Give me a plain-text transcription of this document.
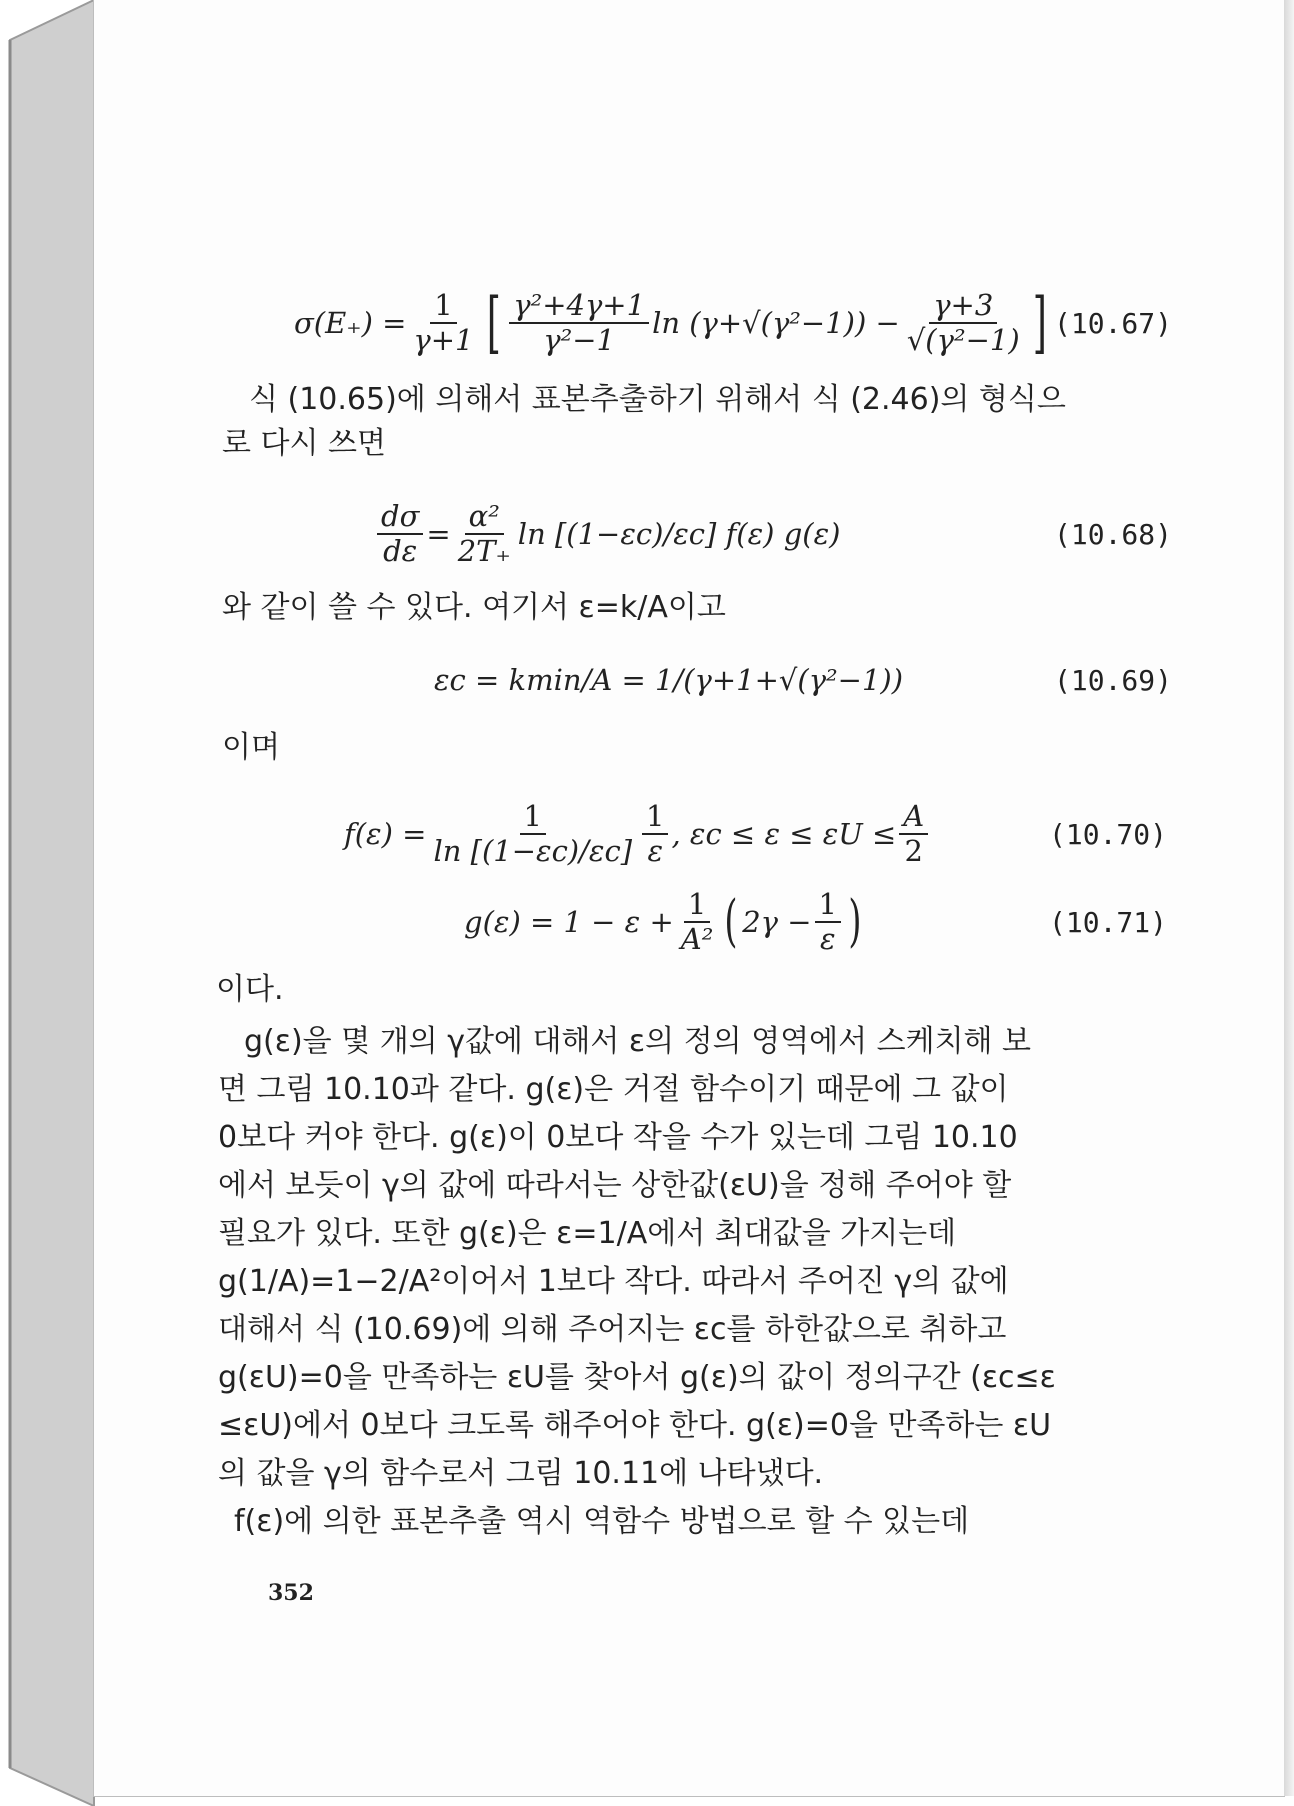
$\sigma(E_+) = \frac{1}{\gamma+1}$ [ $\frac{\text{γ²+4γ+1}}{\text{γ²−1}}$ $\ln (\gamma+√(\gamma^2-1)) - \frac{\gamma+3}{\text{√(γ²−1)}}$ ] (10.67)
식 (10.65)에 의해서 표본추출하기 위해서 식 (2.46)의 형식으
로 다시 쓰면
$\frac{d\sigma}{d\varepsilon} = \frac{\text{α²}}{2T_+}$ ln [(1−εc)/εc] f(ε) g(ε)	(10.68)
와 같이 쓸 수 있다. 여기서 ε=k/A이고
εc = kmin/A = 1/(γ+1+√(γ²−1))	(10.69)
이며
$f(\varepsilon) = \frac{1}{\ln [(1-\varepsilon c)/\varepsilon c]} \frac{1}{\varepsilon}$ , $\varepsilon c \le \varepsilon \le \varepsilon U \le \frac{A}{2}$	(10.70)
$g(\varepsilon) = 1 - \varepsilon + \frac{1}{\text{A²}}$ ( $2\gamma - \frac{1}{\varepsilon}$ )	(10.71)
이다.
g(ε)을 몇 개의 γ값에 대해서 ε의 정의 영역에서 스케치해 보
면 그림 10.10과 같다. g(ε)은 거절 함수이기 때문에 그 값이
0보다 커야 한다. g(ε)이 0보다 작을 수가 있는데 그림 10.10
에서 보듯이 γ의 값에 따라서는 상한값(εU)을 정해 주어야 할
필요가 있다. 또한 g(ε)은 ε=1/A에서 최대값을 가지는데
g(1/A)=1−2/A²이어서 1보다 작다. 따라서 주어진 γ의 값에
대해서 식 (10.69)에 의해 주어지는 εc를 하한값으로 취하고
g(εU)=0을 만족하는 εU를 찾아서 g(ε)의 값이 정의구간 (εc≤ε
≤εU)에서 0보다 크도록 해주어야 한다. g(ε)=0을 만족하는 εU
의 값을 γ의 함수로서 그림 10.11에 나타냈다.
f(ε)에 의한 표본추출 역시 역함수 방법으로 할 수 있는데
352
